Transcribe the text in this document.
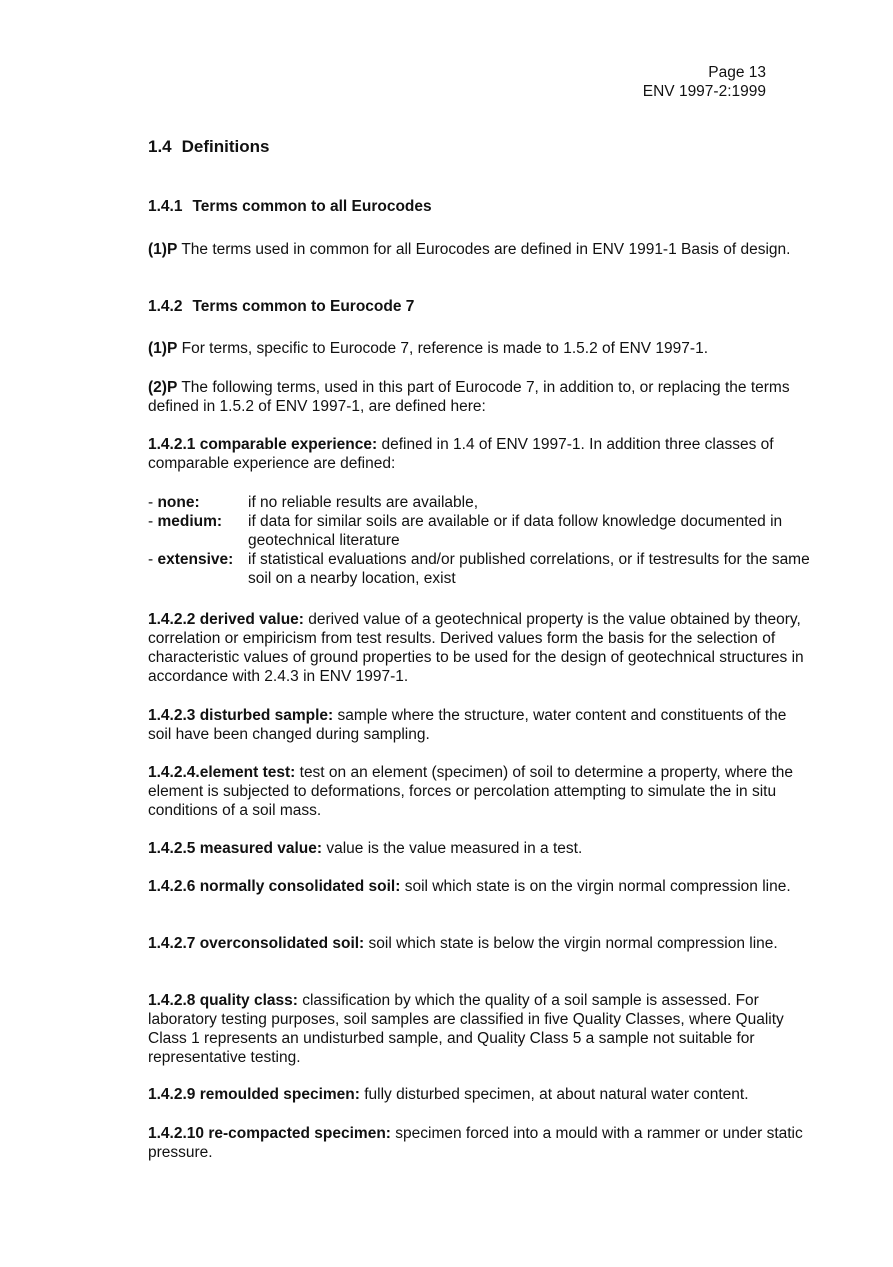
Page 13
ENV 1997-2:1999
1.4 Definitions
1.4.1 Terms common to all Eurocodes

(1)P The terms used in common for all Eurocodes are defined in ENV 1991-1 Basis of design.

1.4.2 Terms common to Eurocode 7

(1)P For terms, specific to Eurocode 7, reference is made to 1.5.2 of ENV 1997-1.

(2)P The following terms, used in this part of Eurocode 7, in addition to, or replacing the terms defined in 1.5.2 of ENV 1997-1, are defined here:

1.4.2.1 comparable experience: defined in 1.4 of ENV 1997-1. In addition three classes of comparable experience are defined:

- none:	if no reliable results are available,
- medium:	if data for similar soils are available or if data follow knowledge documented in geotechnical literature
- extensive: if statistical evaluations and/or published correlations, or if testresults for the same soil on a nearby location, exist

1.4.2.2 derived value: derived value of a geotechnical property is the value obtained by theory, correlation or empiricism from test results. Derived values form the basis for the selection of characteristic values of ground properties to be used for the design of geotechnical structures in accordance with 2.4.3 in ENV 1997-1.

1.4.2.3 disturbed sample: sample where the structure, water content and constituents of the soil have been changed during sampling.

1.4.2.4.element test: test on an element (specimen) of soil to determine a property, where the element is subjected to deformations, forces or percolation attempting to simulate the in situ conditions of a soil mass.

1.4.2.5 measured value: value is the value measured in a test.

1.4.2.6 normally consolidated soil: soil which state is on the virgin normal compression line.

1.4.2.7 overconsolidated soil: soil which state is below the virgin normal compression line.

1.4.2.8 quality class: classification by which the quality of a soil sample is assessed. For laboratory testing purposes, soil samples are classified in five Quality Classes, where Quality Class 1 represents an undisturbed sample, and Quality Class 5 a sample not suitable for representative testing.

1.4.2.9 remoulded specimen: fully disturbed specimen, at about natural water content.

1.4.2.10 re-compacted specimen: specimen forced into a mould with a rammer or under static pressure.
